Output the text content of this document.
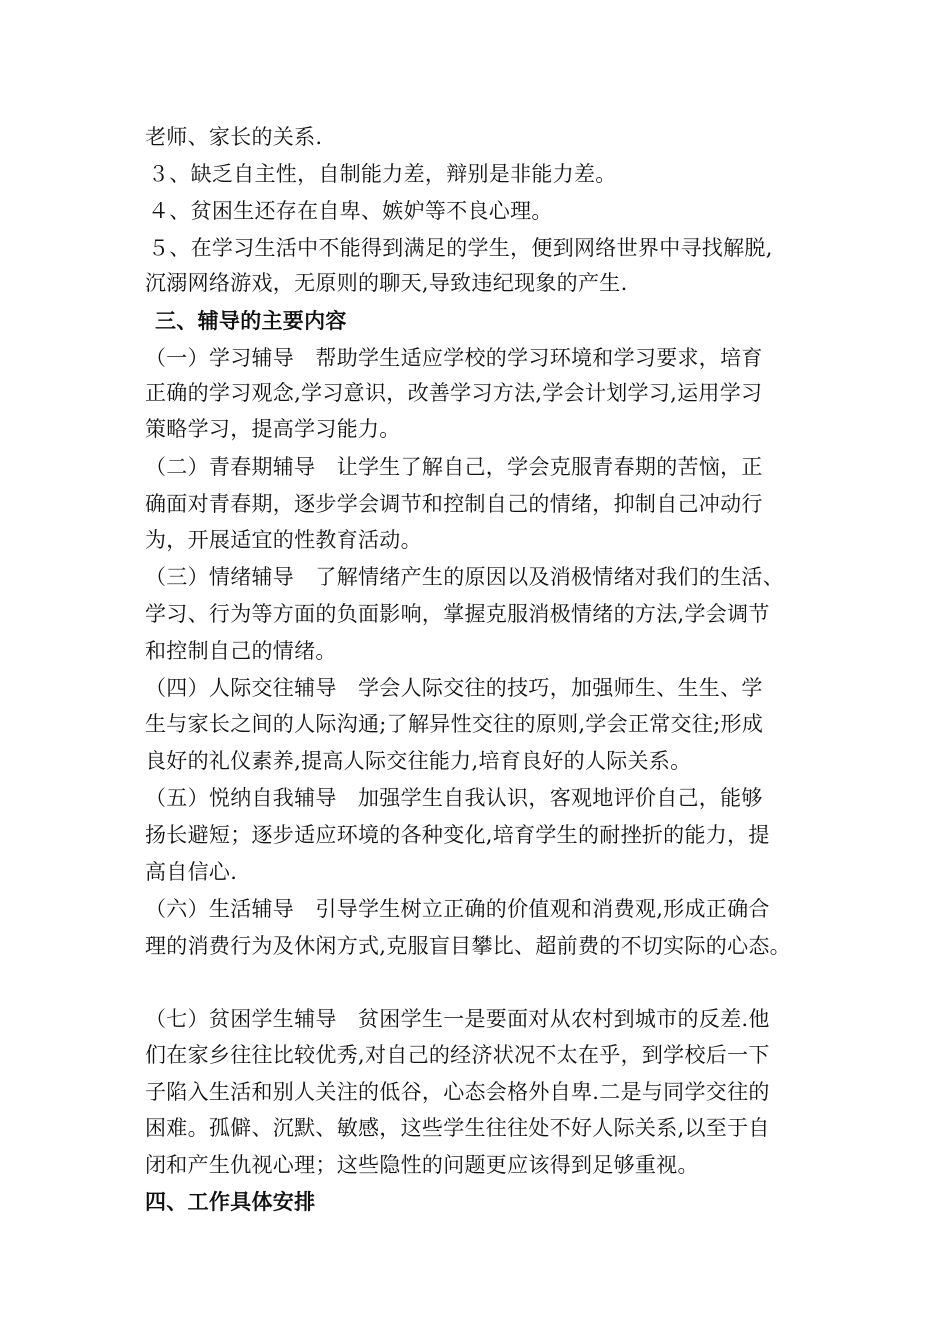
老师、家长的关系.
３、缺乏自主性，自制能力差，辩别是非能力差。
４、贫困生还存在自卑、嫉妒等不良心理。
５、在学习生活中不能得到满足的学生，便到网络世界中寻找解脱,
沉溺网络游戏，无原则的聊天,导致违纪现象的产生.
三、辅导的主要内容
（一）学习辅导　帮助学生适应学校的学习环境和学习要求，培育
正确的学习观念,学习意识，改善学习方法,学会计划学习,运用学习
策略学习，提高学习能力。
（二）青春期辅导　让学生了解自己，学会克服青春期的苦恼，正
确面对青春期，逐步学会调节和控制自己的情绪，抑制自己冲动行
为，开展适宜的性教育活动。
（三）情绪辅导　了解情绪产生的原因以及消极情绪对我们的生活、
学习、行为等方面的负面影响，掌握克服消极情绪的方法,学会调节
和控制自己的情绪。
（四）人际交往辅导　学会人际交往的技巧，加强师生、生生、学
生与家长之间的人际沟通;了解异性交往的原则,学会正常交往;形成
良好的礼仪素养,提高人际交往能力,培育良好的人际关系。
（五）悦纳自我辅导　加强学生自我认识，客观地评价自己，能够
扬长避短；逐步适应环境的各种变化,培育学生的耐挫折的能力，提
高自信心.
（六）生活辅导　引导学生树立正确的价值观和消费观,形成正确合
理的消费行为及休闲方式,克服盲目攀比、超前费的不切实际的心态。
（七）贫困学生辅导　贫困学生一是要面对从农村到城市的反差.他
们在家乡往往比较优秀,对自己的经济状况不太在乎，到学校后一下
子陷入生活和别人关注的低谷，心态会格外自卑.二是与同学交往的
困难。孤僻、沉默、敏感，这些学生往往处不好人际关系,以至于自
闭和产生仇视心理；这些隐性的问题更应该得到足够重视。
四、工作具体安排
